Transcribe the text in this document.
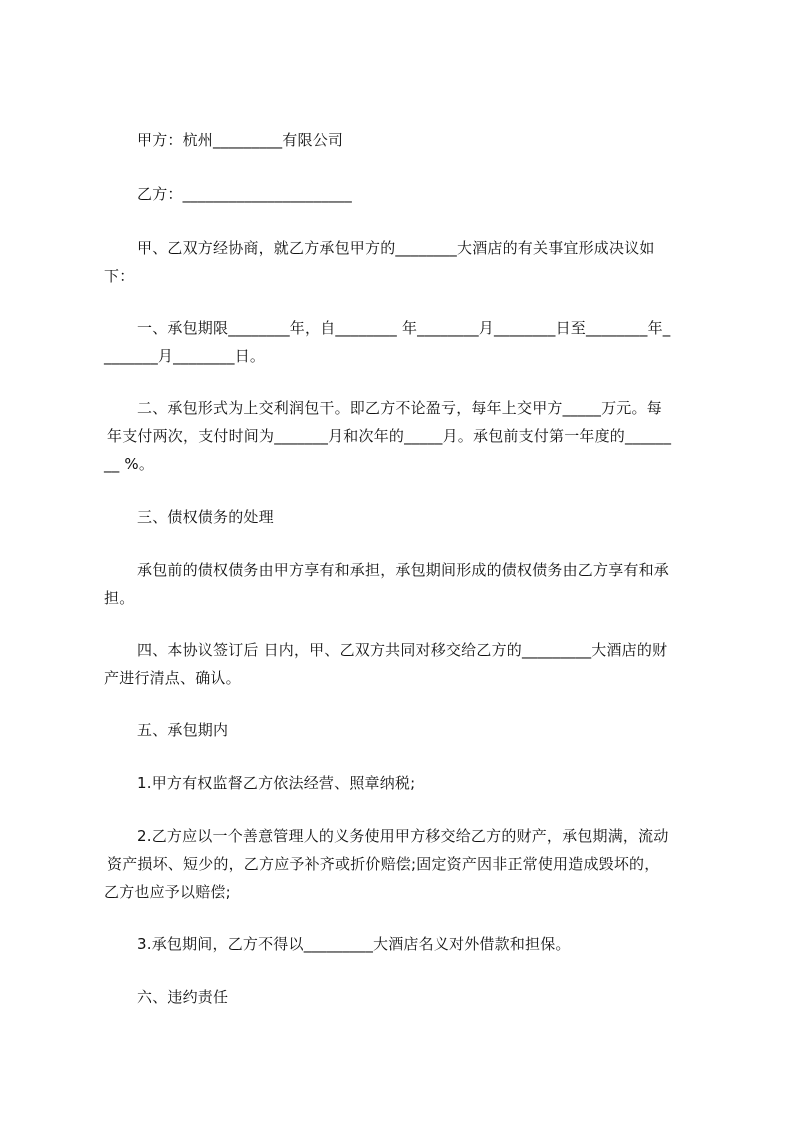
甲方：杭州_________有限公司
乙方：______________________
甲、乙双方经协商，就乙方承包甲方的________大酒店的有关事宜形成决议如
下：
一、承包期限________年，自________ 年________月________日至________年_
_______月________日。
二、承包形式为上交利润包干。即乙方不论盈亏，每年上交甲方_____万元。每
年支付两次，支付时间为_______月和次年的_____月。承包前支付第一年度的______
__ %。
三、债权债务的处理
承包前的债权债务由甲方享有和承担，承包期间形成的债权债务由乙方享有和承
担。
四、本协议签订后 日内，甲、乙双方共同对移交给乙方的_________大酒店的财
产进行清点、确认。
五、承包期内
1.甲方有权监督乙方依法经营、照章纳税;
2.乙方应以一个善意管理人的义务使用甲方移交给乙方的财产，承包期满，流动
资产损坏、短少的，乙方应予补齐或折价赔偿;固定资产因非正常使用造成毁坏的，
乙方也应予以赔偿;
3.承包期间，乙方不得以_________大酒店名义对外借款和担保。
六、违约责任
